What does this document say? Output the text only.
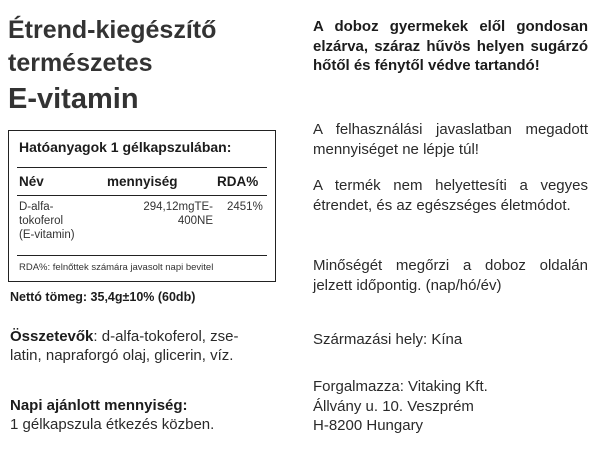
Étrend-kiegészítő
természetes
E-vitamin
Hatóanyagok 1 gélkapszulában:
Név	mennyiség	RDA%
D-alfa-
tokoferol
(E-vitamin)
294,12mgTE-
400NE
2451%
RDA%: felnőttek számára javasolt napi bevitel
Nettó tömeg: 35,4g±10% (60db)
Összetevők: d-alfa-tokoferol, zse-
latin, napraforgó olaj, glicerin, víz.
Napi ajánlott mennyiség:
1 gélkapszula étkezés közben.
A doboz gyermekek elől gondosan elzárva, száraz hűvös helyen sugárzó hőtől és fénytől védve tartandó!
A felhasználási javaslatban megadott mennyiséget ne lépje túl!
A termék nem helyettesíti a vegyes étrendet, és az egészséges életmódot.
Minőségét megőrzi a doboz oldalán jelzett időpontig. (nap/hó/év)
Származási hely: Kína
Forgalmazza: Vitaking Kft.
Állvány u. 10. Veszprém
H-8200 Hungary
